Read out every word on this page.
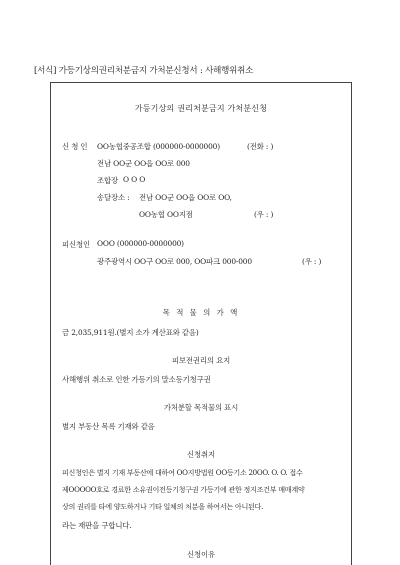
[서식] 가등기상의권리처분금지 가처분신청서 : 사해행위취소
가등기상의 권리처분금지 가처분신청
신 청 인 OO농협중공조합 (000000-0000000)	(전화 : )
전남 OO군 OO읍 OO로 000
조합장 O O O
송달장소 : 전남 OO군 OO읍 OO로 OO,
OO농협 OO지점	(우 : )
피신청인 OOO (000000-0000000)
광주광역시 OO구 OO로 000, OO파크 000-000	(우 : )
목 적 물 의 가 액
금 2,035,911원.(별지 소가 계산표와 같음)
피보전권리의 요지
사해행위 취소로 인한 가등기의 말소등기청구권
가처분할 목적물의 표시
별지 부동산 목록 기재와 같음
신청취지
피신청인은 별지 기재 부동산에 대하여 OO지방법원 OO등기소 20OO. O. O. 접수
제OOOOO호로 경료한 소유권이전등기청구권 가등기에 관한 정지조건부 매매계약
상의 권리를 타에 양도하거나 기타 일체의 처분을 하여서는 아니된다.
라는 재판을 구합니다.
신청이유
